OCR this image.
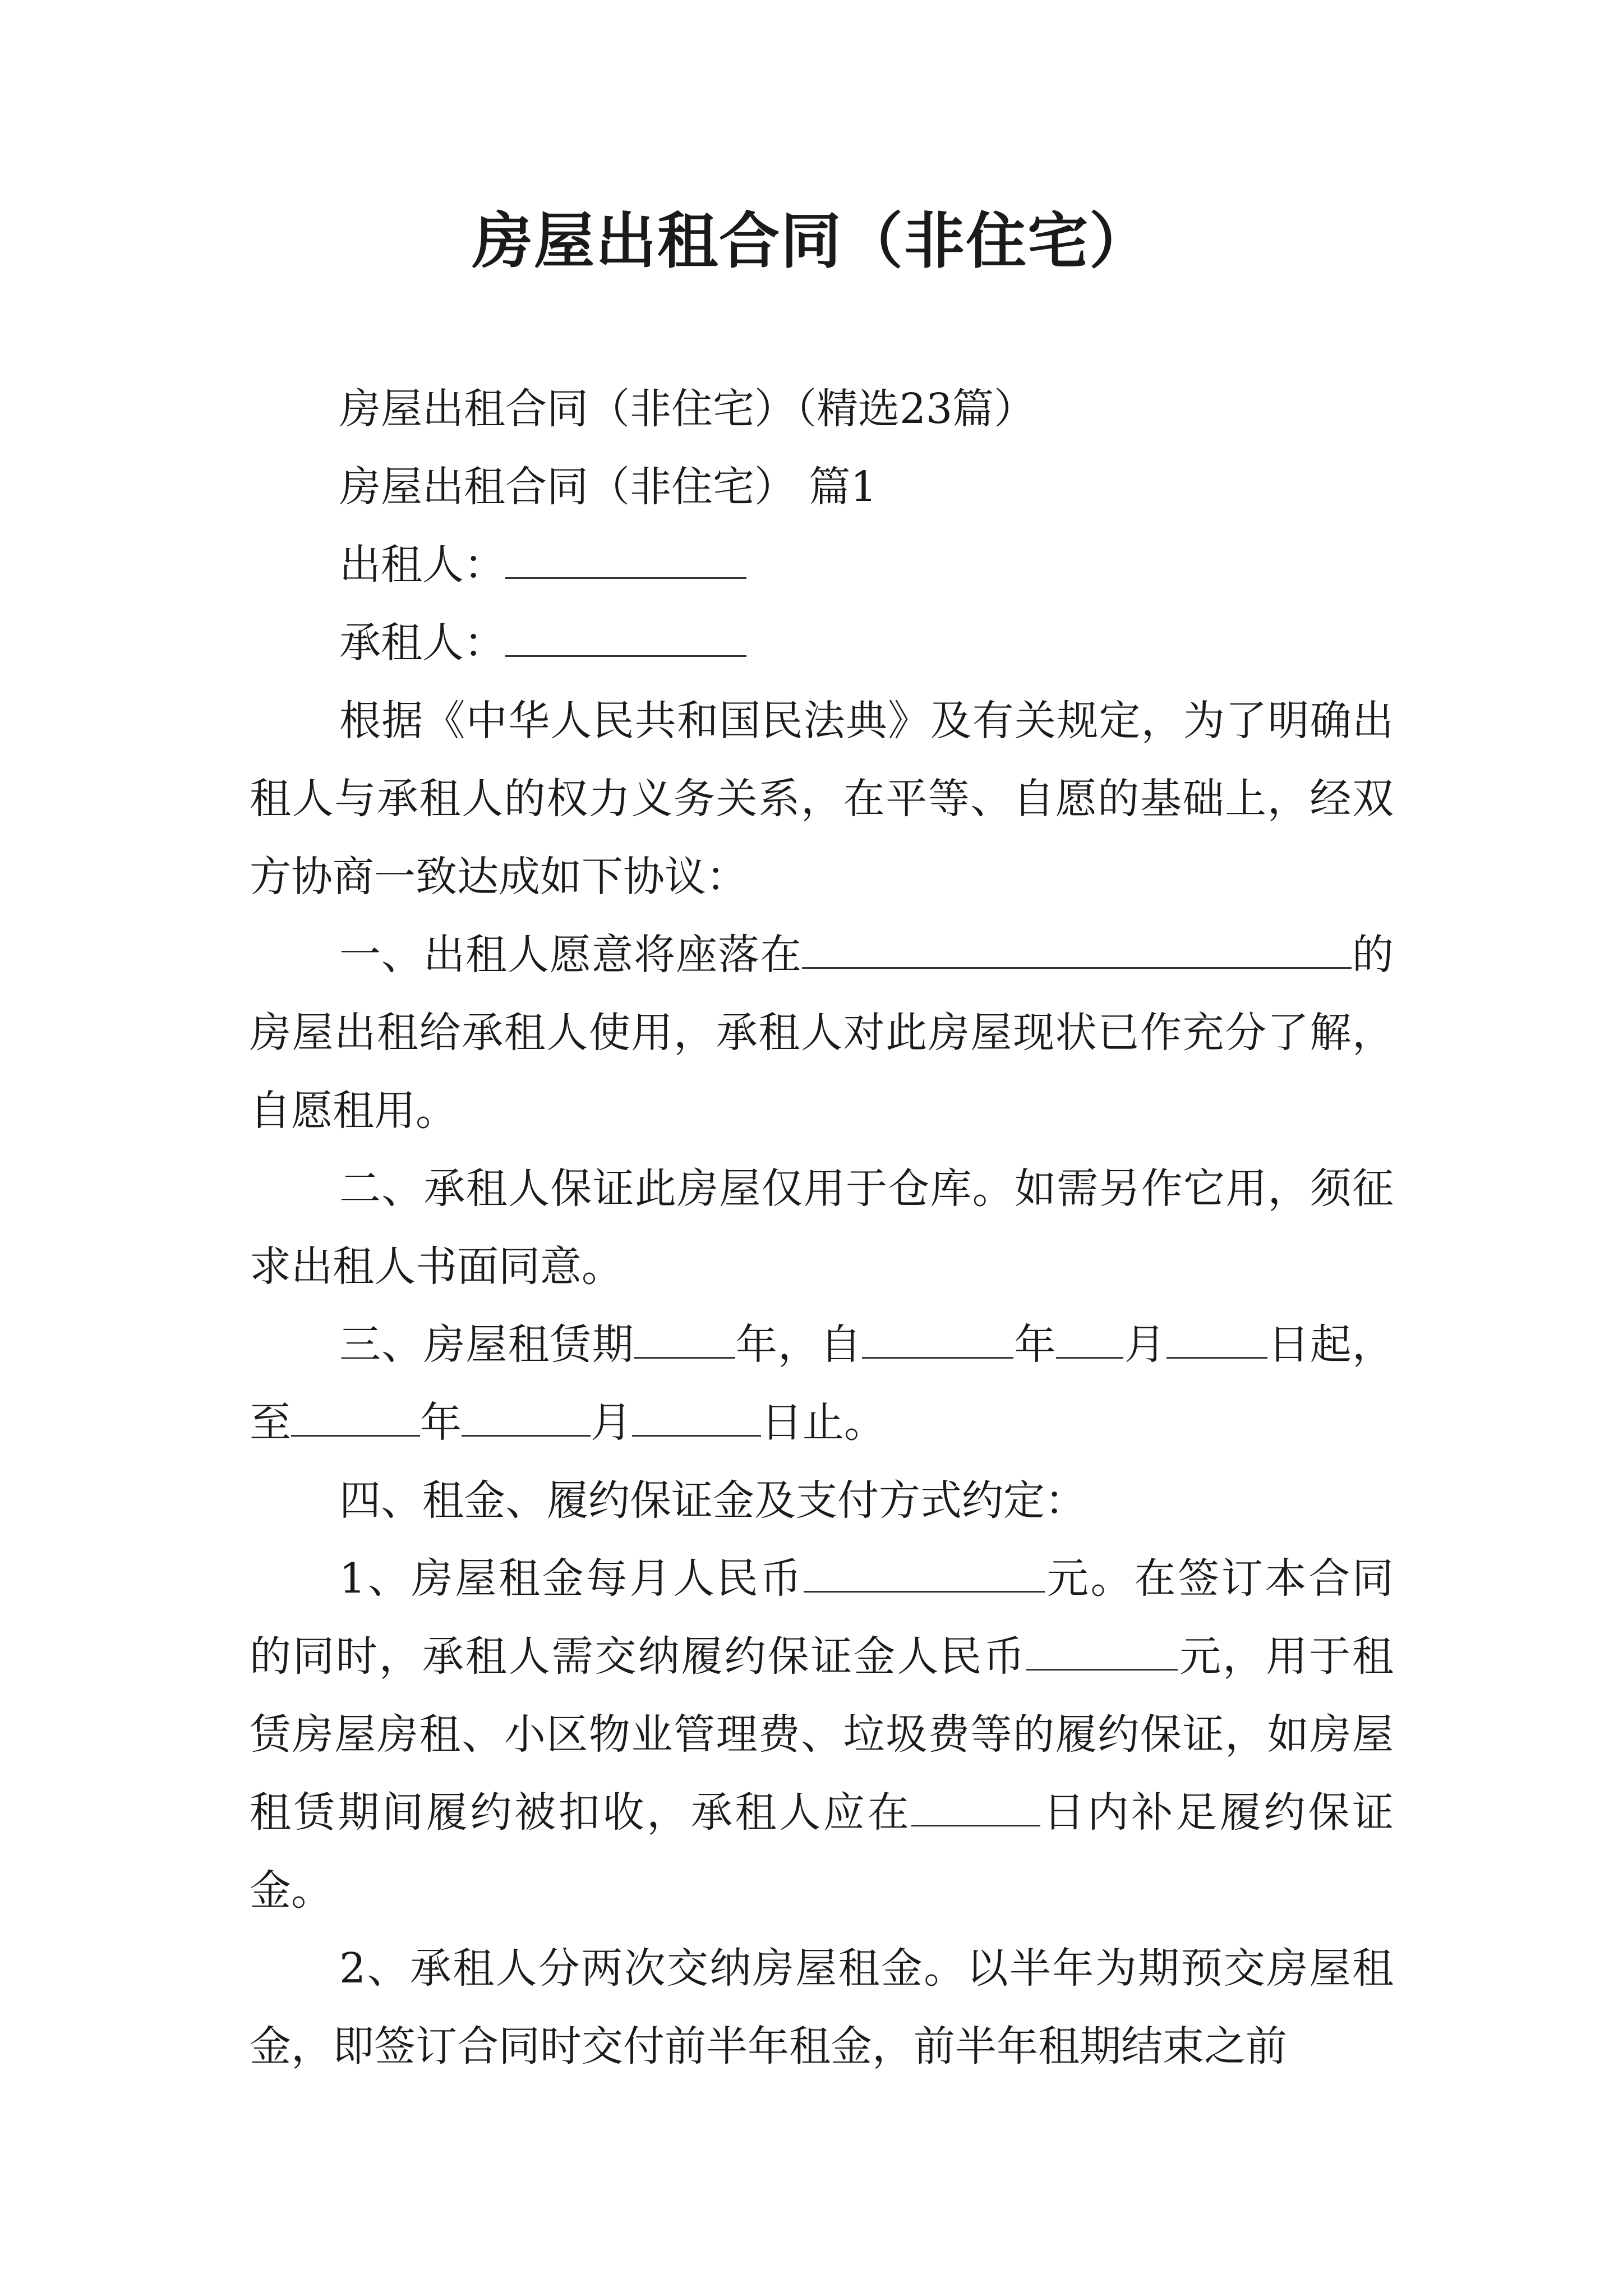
房屋出租合同（非住宅）

房屋出租合同（非住宅）（精选23篇）

房屋出租合同（非住宅） 篇1

出租人：

承租人：

根据《中华人民共和国民法典》及有关规定，为了明确出租人与承租人的权力义务关系，在平等、自愿的基础上，经双方协商一致达成如下协议：

一、出租人愿意将座落在	的房屋出租给承租人使用，承租人对此房屋现状已作充分了解，自愿租用。

二、承租人保证此房屋仅用于仓库。如需另作它用，须征求出租人书面同意。

三、房屋租赁期 年，自	年 月 日起，至	年	月	日止。

四、租金、履约保证金及支付方式约定：

1、房屋租金每月人民币	元。在签订本合同的同时，承租人需交纳履约保证金人民币	元，用于租赁房屋房租、小区物业管理费、垃圾费等的履约保证，如房屋租赁期间履约被扣收，承租人应在	日内补足履约保证金。

2、承租人分两次交纳房屋租金。以半年为期预交房屋租金，即签订合同时交付前半年租金，前半年租期结束之前
